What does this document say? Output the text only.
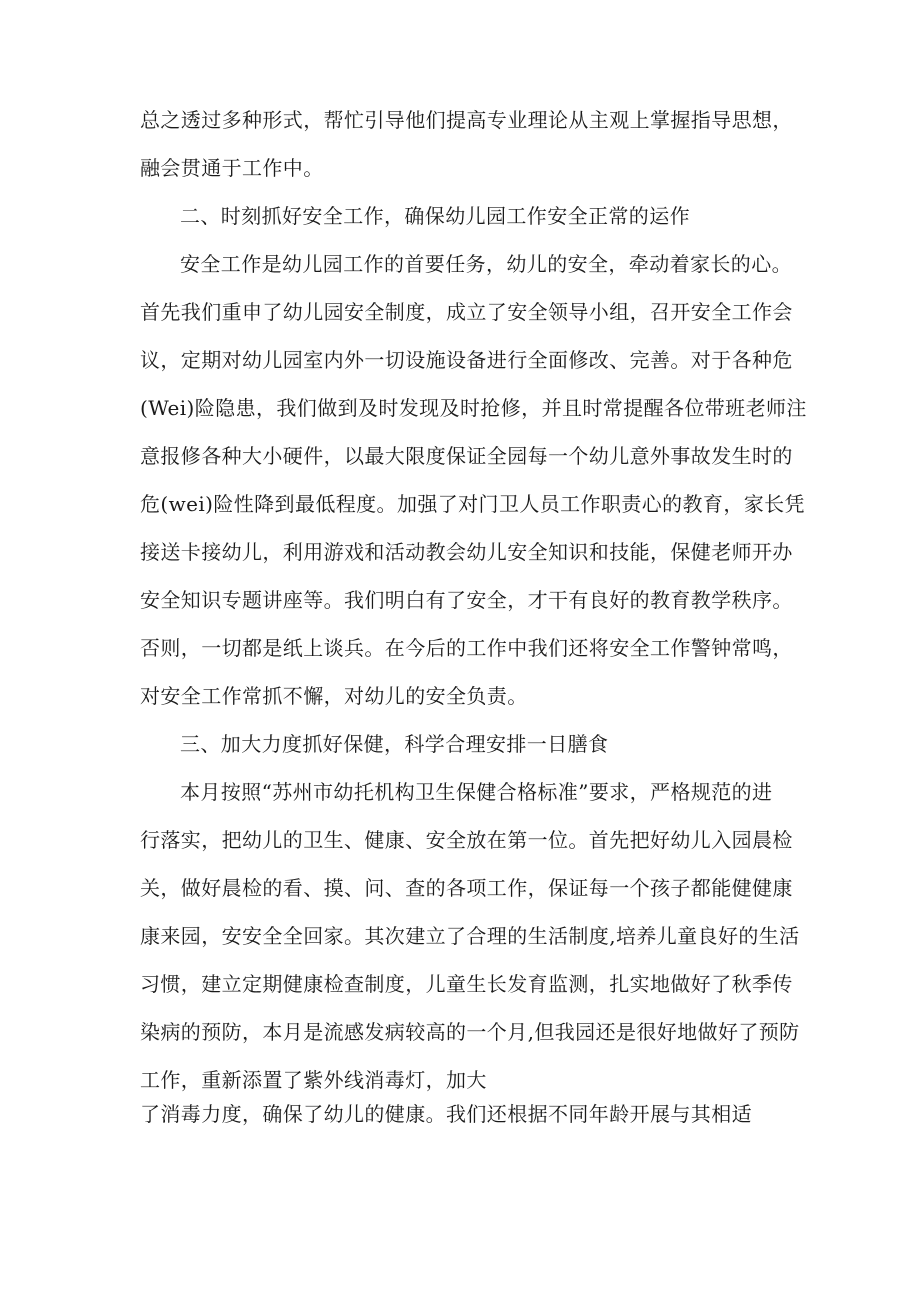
总之透过多种形式，帮忙引导他们提高专业理论从主观上掌握指导思想，
融会贯通于工作中。
二、时刻抓好安全工作，确保幼儿园工作安全正常的运作
安全工作是幼儿园工作的首要任务，幼儿的安全，牵动着家长的心。
首先我们重申了幼儿园安全制度，成立了安全领导小组，召开安全工作会
议，定期对幼儿园室内外一切设施设备进行全面修改、完善。对于各种危
(Wei)险隐患，我们做到及时发现及时抢修，并且时常提醒各位带班老师注
意报修各种大小硬件，以最大限度保证全园每一个幼儿意外事故发生时的
危(wei)险性降到最低程度。加强了对门卫人员工作职责心的教育，家长凭
接送卡接幼儿，利用游戏和活动教会幼儿安全知识和技能，保健老师开办
安全知识专题讲座等。我们明白有了安全，才干有良好的教育教学秩序。
否则，一切都是纸上谈兵。在今后的工作中我们还将安全工作警钟常鸣，
对安全工作常抓不懈，对幼儿的安全负责。
三、加大力度抓好保健，科学合理安排一日膳食
本月按照“苏州市幼托机构卫生保健合格标准”要求，严格规范的进
行落实，把幼儿的卫生、健康、安全放在第一位。首先把好幼儿入园晨检
关，做好晨检的看、摸、问、查的各项工作，保证每一个孩子都能健健康
康来园，安安全全回家。其次建立了合理的生活制度,培养儿童良好的生活
习惯，建立定期健康检查制度，儿童生长发育监测，扎实地做好了秋季传
染病的预防，本月是流感发病较高的一个月,但我园还是很好地做好了预防
工作，重新添置了紫外线消毒灯，加大
了消毒力度，确保了幼儿的健康。我们还根据不同年龄开展与其相适
